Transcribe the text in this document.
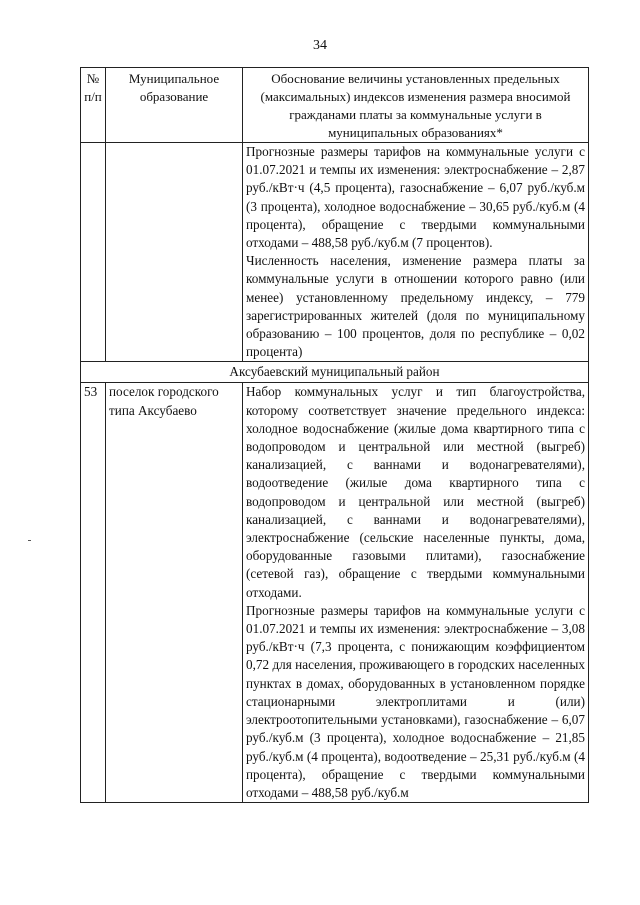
34
№ п/п	Муниципальное образование	Обоснование величины установленных предельных (максимальных) индексов изменения размера вносимой гражданами платы за коммунальные услуги в муниципальных образованиях*

		Прогнозные размеры тарифов на коммунальные услуги с 01.07.2021 и темпы их изменения: электроснабжение – 2,87 руб./кВт·ч (4,5 процента), газоснабжение – 6,07 руб./куб.м (3 процента), холодное водоснабжение – 30,65 руб./куб.м (4 процента), обращение с твердыми коммунальными отходами – 488,58 руб./куб.м (7 процентов).

Численность населения, изменение размера платы за коммунальные услуги в отношении которого равно (или менее) установленному предельному индексу, – 779 зарегистрированных жителей (доля по муниципальному образованию – 100 процентов, доля по республике – 0,02 процента)

Аксубаевский муниципальный район		
53	поселок городского типа Аксубаево	Набор коммунальных услуг и тип благоустройства, которому соответствует значение предельного индекса: холодное водоснабжение (жилые дома квартирного типа с водопроводом и центральной или местной (выгреб) канализацией, с ваннами и водонагревателями), водоотведение (жилые дома квартирного типа с водопроводом и центральной или местной (выгреб) канализацией, с ваннами и водонагревателями), электроснабжение (сельские населенные пункты, дома, оборудованные газовыми плитами), газоснабжение (сетевой газ), обращение с твердыми коммунальными отходами.

Прогнозные размеры тарифов на коммунальные услуги с 01.07.2021 и темпы их изменения: электроснабжение – 3,08 руб./кВт·ч (7,3 процента, с понижающим коэффициентом 0,72 для населения, проживающего в городских населенных пунктах в домах, оборудованных в установленном порядке стационарными электроплитами и (или) электроотопительными установками), газоснабжение – 6,07 руб./куб.м (3 процента), холодное водоснабжение – 21,85 руб./куб.м (4 процента), водоотведение – 25,31 руб./куб.м (4 процента), обращение с твердыми коммунальными отходами – 488,58 руб./куб.м
